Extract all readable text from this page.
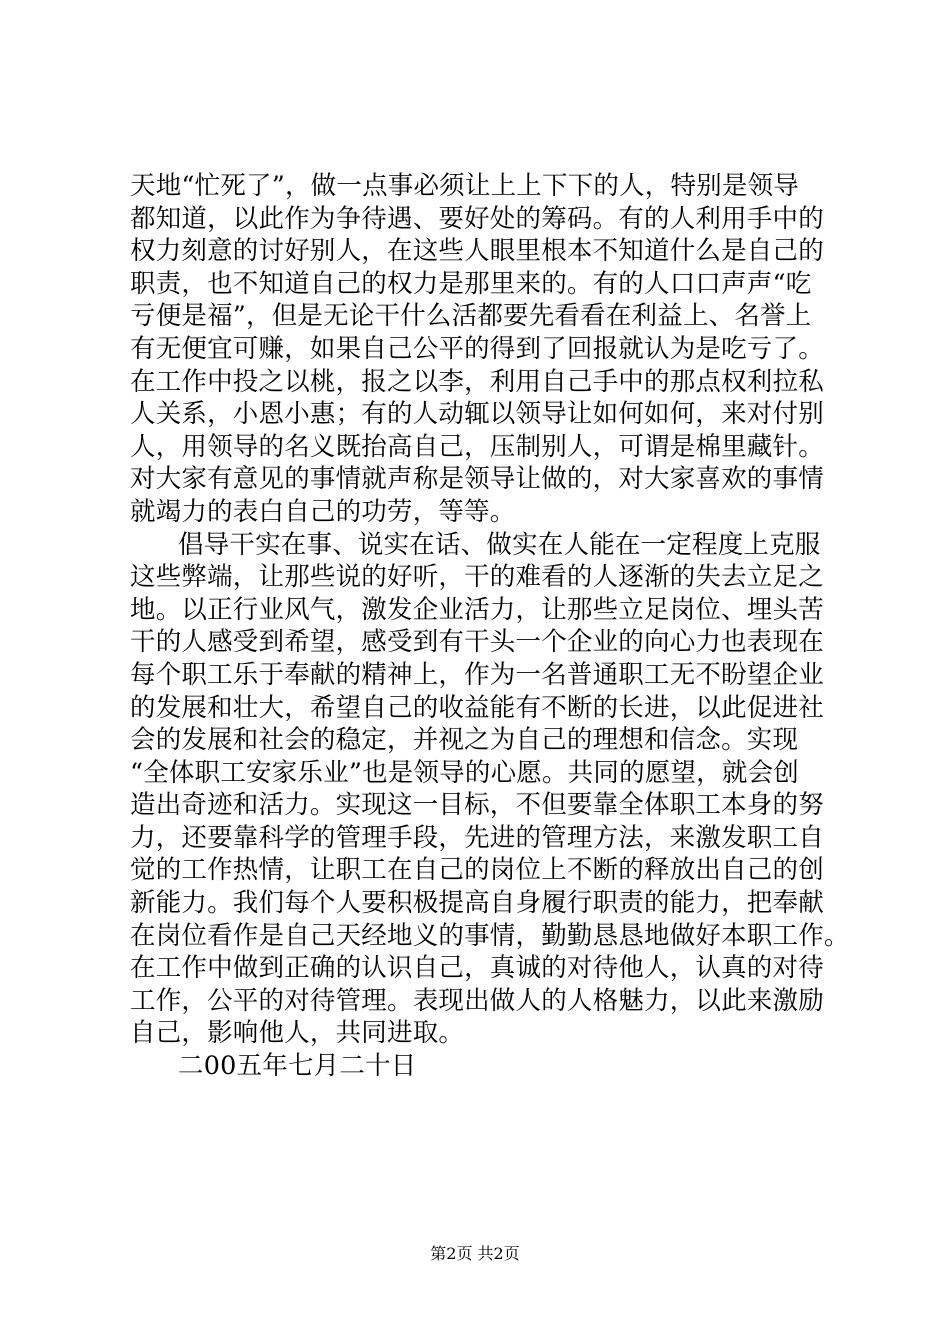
天地“忙死了”，做一点事必须让上上下下的人，特别是领导
都知道，以此作为争待遇、要好处的筹码。有的人利用手中的
权力刻意的讨好别人，在这些人眼里根本不知道什么是自己的
职责，也不知道自己的权力是那里来的。有的人口口声声“吃
亏便是福”，但是无论干什么活都要先看看在利益上、名誉上
有无便宜可赚，如果自己公平的得到了回报就认为是吃亏了。
在工作中投之以桃，报之以李，利用自己手中的那点权利拉私
人关系，小恩小惠；有的人动辄以领导让如何如何，来对付别
人，用领导的名义既抬高自己，压制别人，可谓是棉里藏针。
对大家有意见的事情就声称是领导让做的，对大家喜欢的事情
就竭力的表白自己的功劳，等等。
倡导干实在事、说实在话、做实在人能在一定程度上克服
这些弊端，让那些说的好听，干的难看的人逐渐的失去立足之
地。以正行业风气，激发企业活力，让那些立足岗位、埋头苦
干的人感受到希望，感受到有干头一个企业的向心力也表现在
每个职工乐于奉献的精神上，作为一名普通职工无不盼望企业
的发展和壮大，希望自己的收益能有不断的长进，以此促进社
会的发展和社会的稳定，并视之为自己的理想和信念。实现
“全体职工安家乐业”也是领导的心愿。共同的愿望，就会创
造出奇迹和活力。实现这一目标，不但要靠全体职工本身的努
力，还要靠科学的管理手段，先进的管理方法，来激发职工自
觉的工作热情，让职工在自己的岗位上不断的释放出自己的创
新能力。我们每个人要积极提高自身履行职责的能力，把奉献
在岗位看作是自己天经地义的事情，勤勤恳恳地做好本职工作。
在工作中做到正确的认识自己，真诚的对待他人，认真的对待
工作，公平的对待管理。表现出做人的人格魅力，以此来激励
自己，影响他人，共同进取。
二00五年七月二十日
第2页 共2页
